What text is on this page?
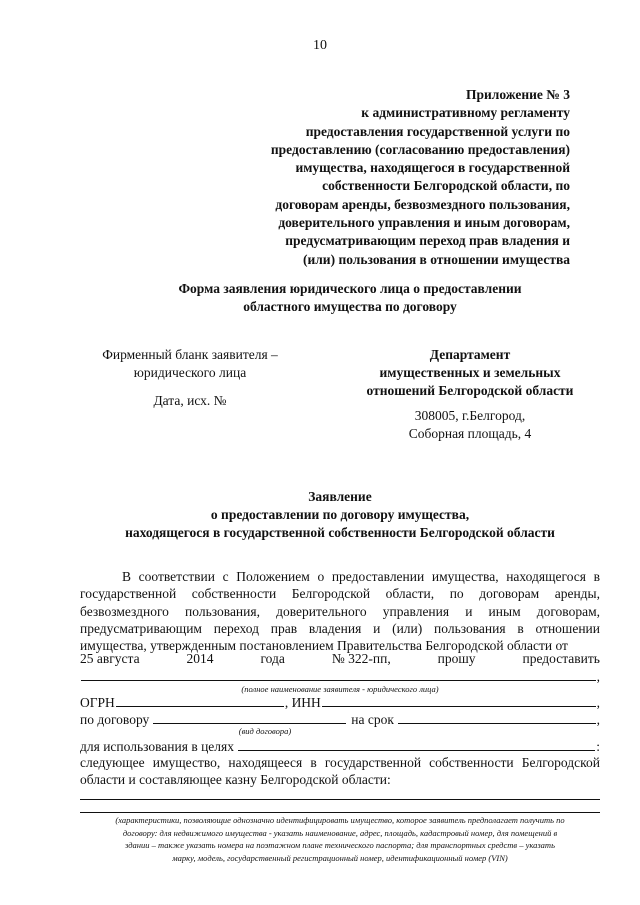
10
Приложение № 3
к административному регламенту
предоставления государственной услуги по
предоставлению (согласованию предоставления)
имущества, находящегося в государственной
собственности Белгородской области, по
договорам аренды, безвозмездного пользования,
доверительного управления и иным договорам,
предусматривающим переход прав владения и
(или) пользования в отношении имущества
Форма заявления юридического лица о предоставлении
областного имущества по договору
Фирменный бланк заявителя –
юридического лица
Дата, исх. №
Департамент
имущественных и земельных
отношений Белгородской области
308005, г.Белгород,
Соборная площадь, 4
Заявление
о предоставлении по договору имущества,
находящегося в государственной собственности Белгородской области
В соответствии с Положением о предоставлении имущества, находящегося в государственной собственности Белгородской области, по договорам аренды, безвозмездного пользования, доверительного управления и иным договорам, предусматривающим переход прав владения и (или) пользования в отношении имущества, утвержденным постановлением Правительства Белгородской области от
25 августа	2014	года	№ 322-пп,	прошу	предоставить
,
(полное наименование заявителя - юридического лица)
ОГРН	, ИНН	,
по договору	на срок	,
(вид договора)
для использования в целях	:
следующее имущество, находящееся в государственной собственности Белгородской области и составляющее казну Белгородской области:
(характеристики, позволяющие однозначно идентифицировать имущество, которое заявитель предполагает получить по
договору: для недвижимого имущества - указать наименование, адрес, площадь, кадастровый номер, для помещений в
здании – также указать номера на поэтажном плане технического паспорта; для транспортных средств – указать
марку, модель, государственный регистрационный номер, идентификационный номер (VIN)
